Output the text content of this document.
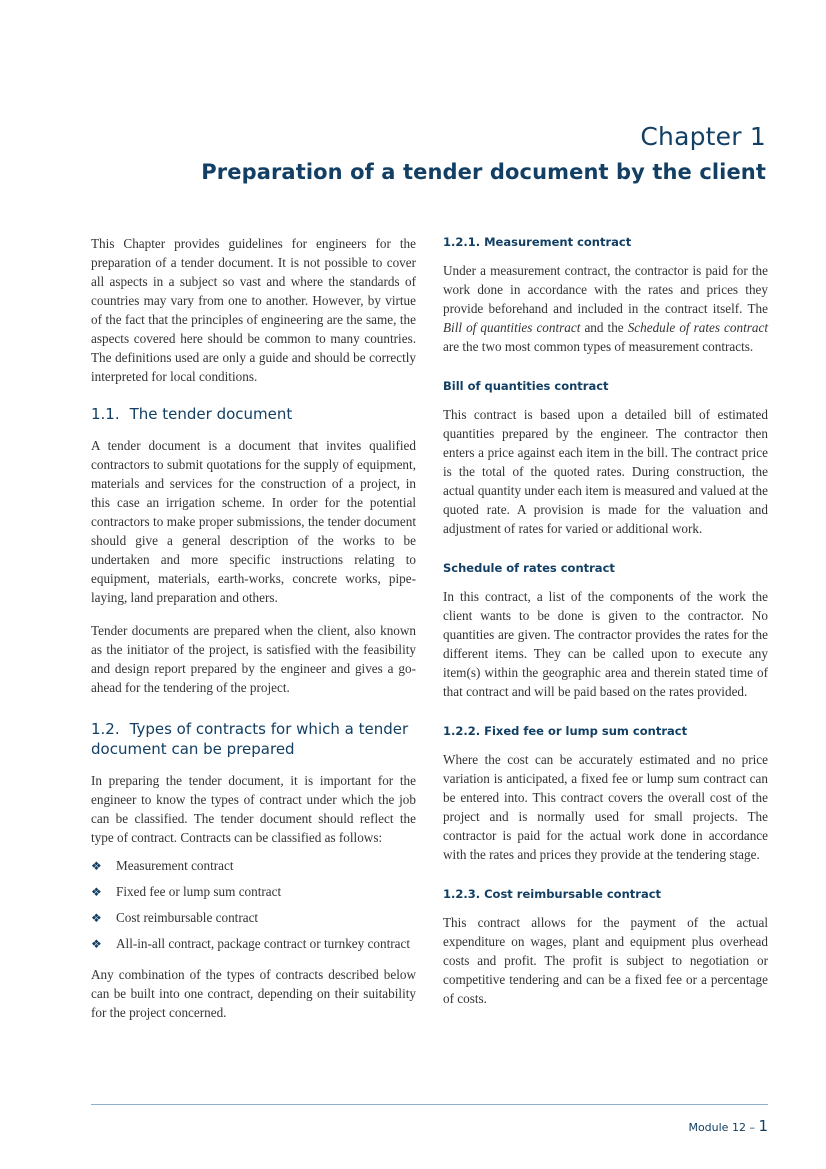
Chapter 1
Preparation of a tender document by the client

This Chapter provides guidelines for engineers for the preparation of a tender document. It is not possible to cover all aspects in a subject so vast and where the standards of countries may vary from one to another. However, by virtue of the fact that the principles of engineering are the same, the aspects covered here should be common to many countries. The definitions used are only a guide and should be correctly interpreted for local conditions.

1.1. The tender document

A tender document is a document that invites qualified contractors to submit quotations for the supply of equipment, materials and services for the construction of a project, in this case an irrigation scheme. In order for the potential contractors to make proper submissions, the tender document should give a general description of the works to be undertaken and more specific instructions relating to equipment, materials, earth-works, concrete works, pipe-laying, land preparation and others.

Tender documents are prepared when the client, also known as the initiator of the project, is satisfied with the feasibility and design report prepared by the engineer and gives a go-ahead for the tendering of the project.

1.2. Types of contracts for which a tender document can be prepared

In preparing the tender document, it is important for the engineer to know the types of contract under which the job can be classified. The tender document should reflect the type of contract. Contracts can be classified as follows:

❖ Measurement contract
❖ Fixed fee or lump sum contract
❖ Cost reimbursable contract
❖ All-in-all contract, package contract or turnkey contract

Any combination of the types of contracts described below can be built into one contract, depending on their suitability for the project concerned.

1.2.1. Measurement contract

Under a measurement contract, the contractor is paid for the work done in accordance with the rates and prices they provide beforehand and included in the contract itself. The Bill of quantities contract and the Schedule of rates contract are the two most common types of measurement contracts.

Bill of quantities contract

This contract is based upon a detailed bill of estimated quantities prepared by the engineer. The contractor then enters a price against each item in the bill. The contract price is the total of the quoted rates. During construction, the actual quantity under each item is measured and valued at the quoted rate. A provision is made for the valuation and adjustment of rates for varied or additional work.

Schedule of rates contract

In this contract, a list of the components of the work the client wants to be done is given to the contractor. No quantities are given. The contractor provides the rates for the different items. They can be called upon to execute any item(s) within the geographic area and therein stated time of that contract and will be paid based on the rates provided.

1.2.2. Fixed fee or lump sum contract

Where the cost can be accurately estimated and no price variation is anticipated, a fixed fee or lump sum contract can be entered into. This contract covers the overall cost of the project and is normally used for small projects. The contractor is paid for the actual work done in accordance with the rates and prices they provide at the tendering stage.

1.2.3. Cost reimbursable contract

This contract allows for the payment of the actual expenditure on wages, plant and equipment plus overhead costs and profit. The profit is subject to negotiation or competitive tendering and can be a fixed fee or a percentage of costs.

Module 12 – 1
